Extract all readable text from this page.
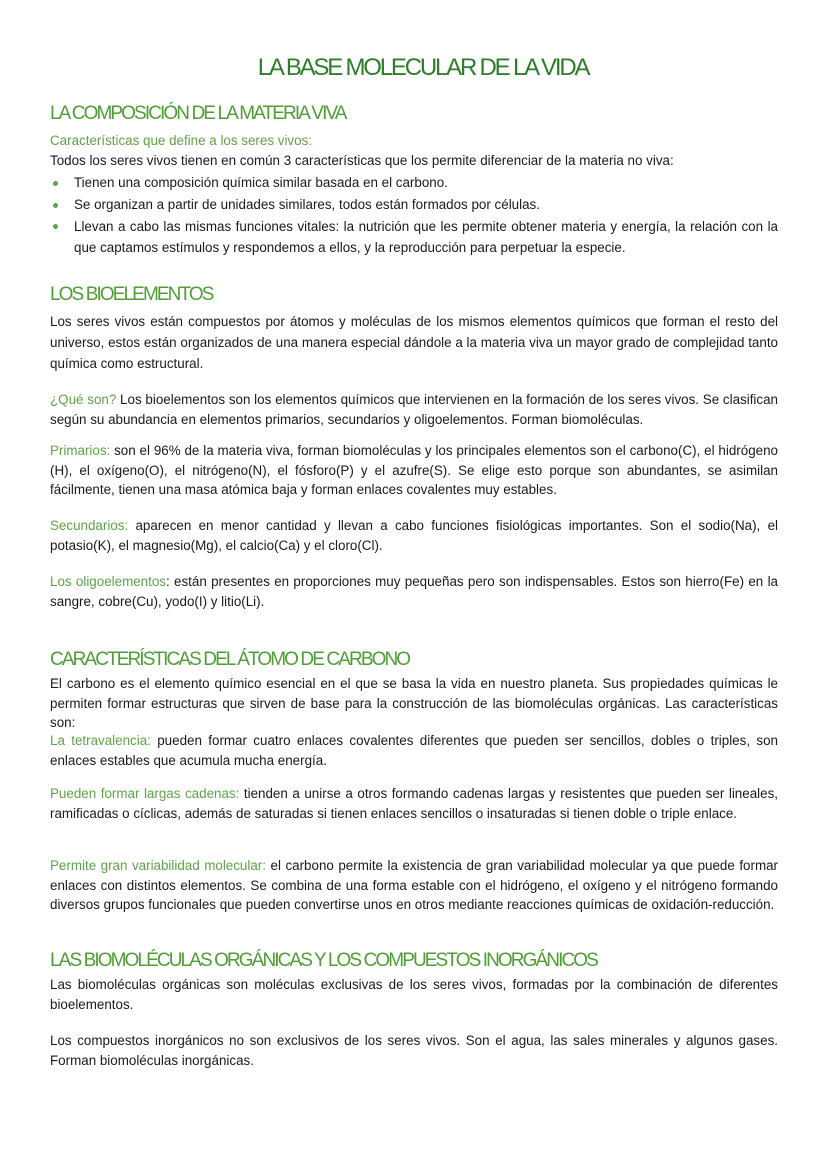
LA BASE MOLECULAR DE LA VIDA
LA COMPOSICIÓN DE LA MATERIA VIVA

Características que define a los seres vivos:

Todos los seres vivos tienen en común 3 características que los permite diferenciar de la materia no viva:

Tienen una composición química similar basada en el carbono.
Se organizan a partir de unidades similares, todos están formados por células.
Llevan a cabo las mismas funciones vitales: la nutrición que les permite obtener materia y energía, la relación con la que captamos estímulos y respondemos a ellos, y la reproducción para perpetuar la especie.
LOS BIOELEMENTOS

Los seres vivos están compuestos por átomos y moléculas de los mismos elementos químicos que forman el resto del universo, estos están organizados de una manera especial dándole a la materia viva un mayor grado de complejidad tanto química como estructural.

¿Qué son? Los bioelementos son los elementos químicos que intervienen en la formación de los seres vivos. Se clasifican según su abundancia en elementos primarios, secundarios y oligoelementos. Forman biomoléculas.

Primarios: son el 96% de la materia viva, forman biomoléculas y los principales elementos son el carbono(C), el hidrógeno (H), el oxígeno(O), el nitrógeno(N), el fósforo(P) y el azufre(S). Se elige esto porque son abundantes, se asimilan fácilmente, tienen una masa atómica baja y forman enlaces covalentes muy estables.

Secundarios: aparecen en menor cantidad y llevan a cabo funciones fisiológicas importantes. Son el sodio(Na), el potasio(K), el magnesio(Mg), el calcio(Ca) y el cloro(Cl).

Los oligoelementos: están presentes en proporciones muy pequeñas pero son indispensables. Estos son hierro(Fe) en la sangre, cobre(Cu), yodo(I) y litio(Li).

CARACTERÍSTICAS DEL ÁTOMO DE CARBONO

El carbono es el elemento químico esencial en el que se basa la vida en nuestro planeta. Sus propiedades químicas le permiten formar estructuras que sirven de base para la construcción de las biomoléculas orgánicas. Las características son:

La tetravalencia: pueden formar cuatro enlaces covalentes diferentes que pueden ser sencillos, dobles o triples, son enlaces estables que acumula mucha energía.

Pueden formar largas cadenas: tienden a unirse a otros formando cadenas largas y resistentes que pueden ser lineales, ramificadas o cíclicas, además de saturadas si tienen enlaces sencillos o insaturadas si tienen doble o triple enlace.

Permite gran variabilidad molecular: el carbono permite la existencia de gran variabilidad molecular ya que puede formar enlaces con distintos elementos. Se combina de una forma estable con el hidrógeno, el oxígeno y el nitrógeno formando diversos grupos funcionales que pueden convertirse unos en otros mediante reacciones químicas de oxidación-reducción.

LAS BIOMOLÉCULAS ORGÁNICAS Y LOS COMPUESTOS INORGÁNICOS

Las biomoléculas orgánicas son moléculas exclusivas de los seres vivos, formadas por la combinación de diferentes bioelementos.

Los compuestos inorgánicos no son exclusivos de los seres vivos. Son el agua, las sales minerales y algunos gases. Forman biomoléculas inorgánicas.
